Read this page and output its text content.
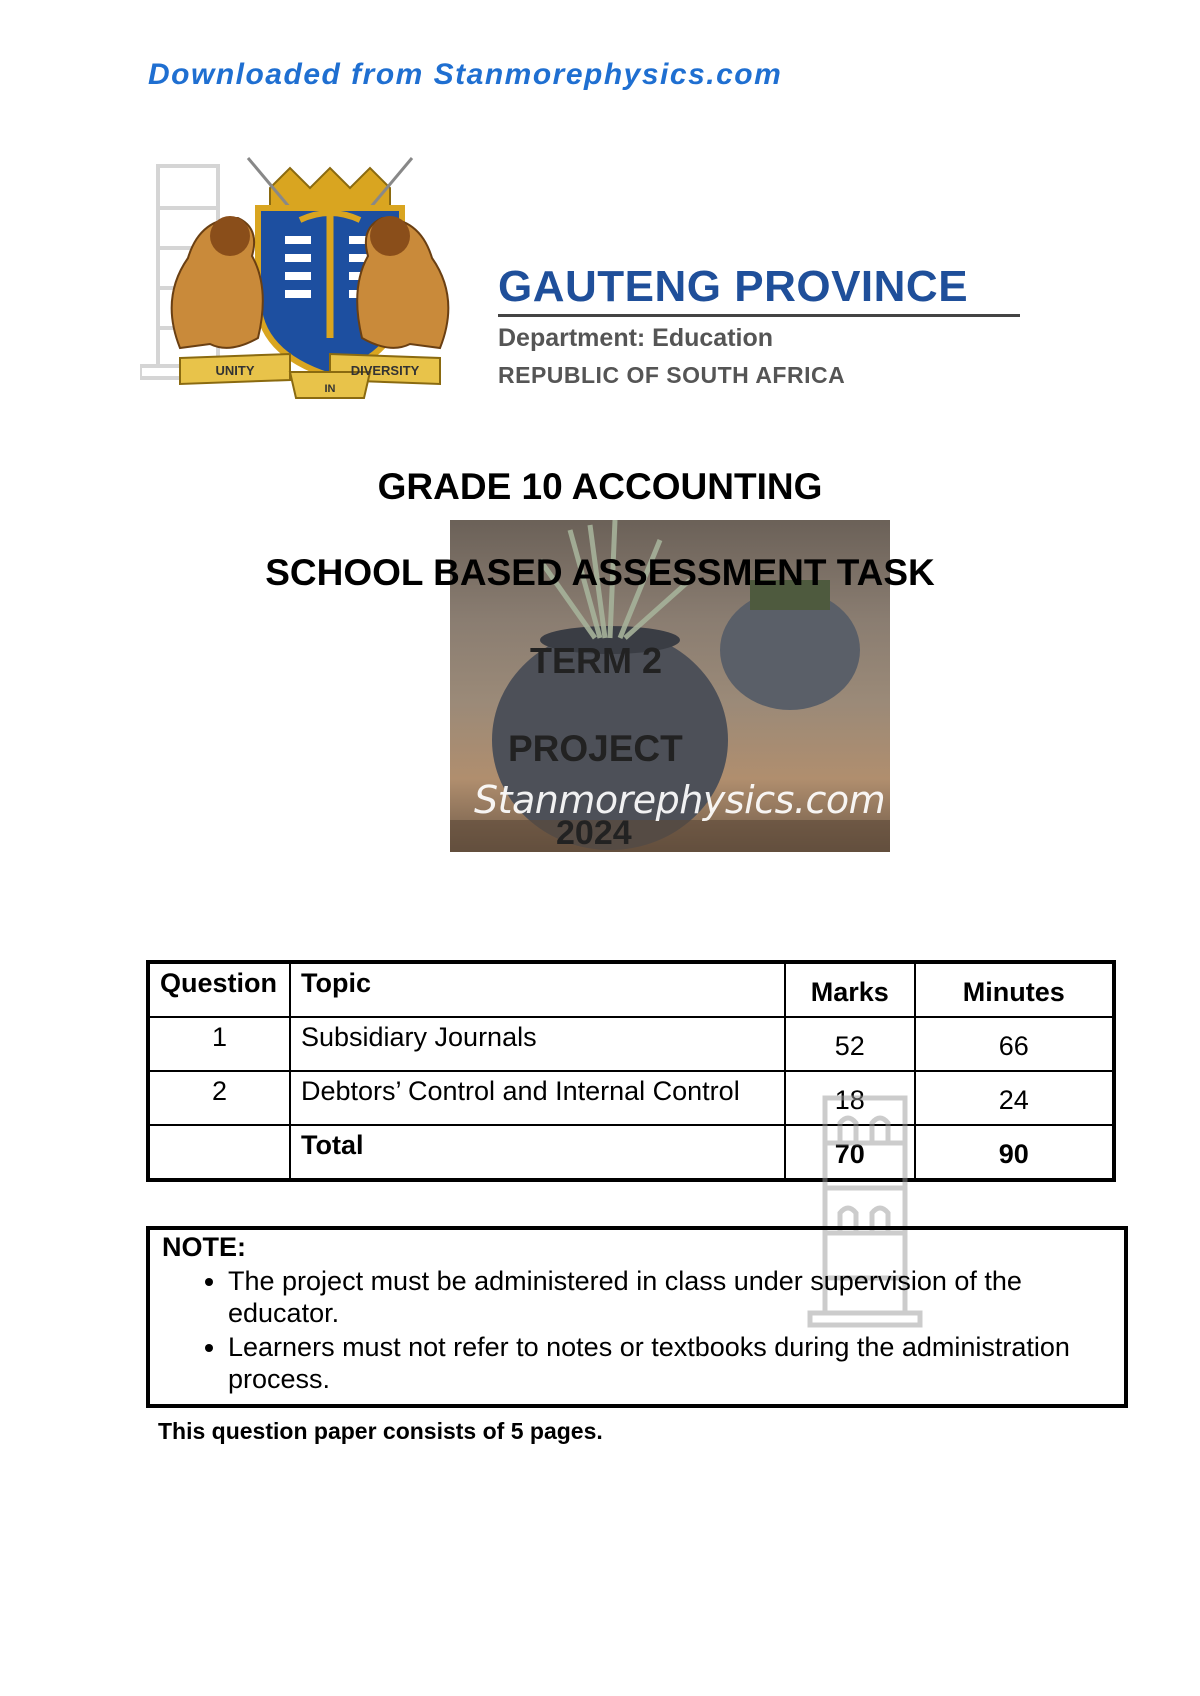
Downloaded from Stanmorephysics.com
UNITY	DIVERSITY
IN
GAUTENG PROVINCE
Department: Education
REPUBLIC OF SOUTH AFRICA
GRADE 10 ACCOUNTING
SCHOOL BASED ASSESSMENT TASK
TERM 2
PROJECT
Stanmorephysics.com
2024
Question	Topic	Marks	Minutes
1	Subsidiary Journals	52	66
2	Debtors’ Control and Internal Control	18	24
	Total	70	90
NOTE:
• The project must be administered in class under supervision of the educator.
• Learners must not refer to notes or textbooks during the administration process.
This question paper consists of 5 pages.
